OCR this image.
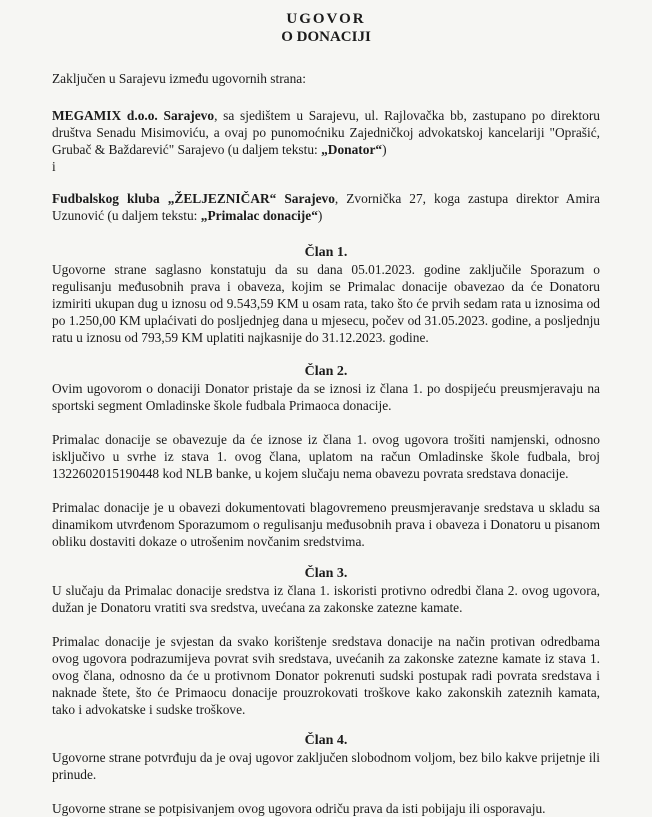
UGOVOR
O DONACIJI

Zaključen u Sarajevu između ugovornih strana:

MEGAMIX d.o.o. Sarajevo, sa sjedištem u Sarajevu, ul. Rajlovačka bb, zastupano po direktoru društva Senadu Misimoviću, a ovaj po punomoćniku Zajedničkoj advokatskoj kancelariji "Oprašić, Grubač & Baždarević" Sarajevo (u daljem tekstu: „Donator“)

i

Fudbalskog kluba „ŽELJEZNIČAR“ Sarajevo, Zvornička 27, koga zastupa direktor Amira Uzunović (u daljem tekstu: „Primalac donacije“)

Član 1.

Ugovorne strane saglasno konstatuju da su dana 05.01.2023. godine zaključile Sporazum o regulisanju međusobnih prava i obaveza, kojim se Primalac donacije obavezao da će Donatoru izmiriti ukupan dug u iznosu od 9.543,59 KM u osam rata, tako što će prvih sedam rata u iznosima od po 1.250,00 KM uplaćivati do posljednjeg dana u mjesecu, počev od 31.05.2023. godine, a posljednju ratu u iznosu od 793,59 KM uplatiti najkasnije do 31.12.2023. godine.

Član 2.

Ovim ugovorom o donaciji Donator pristaje da se iznosi iz člana 1. po dospijeću preusmjeravaju na sportski segment Omladinske škole fudbala Primaoca donacije.

Primalac donacije se obavezuje da će iznose iz člana 1. ovog ugovora trošiti namjenski, odnosno isključivo u svrhe iz stava 1. ovog člana, uplatom na račun Omladinske škole fudbala, broj 1322602015190448 kod NLB banke, u kojem slučaju nema obavezu povrata sredstava donacije.

Primalac donacije je u obavezi dokumentovati blagovremeno preusmjeravanje sredstava u skladu sa dinamikom utvrđenom Sporazumom o regulisanju međusobnih prava i obaveza i Donatoru u pisanom obliku dostaviti dokaze o utrošenim novčanim sredstvima.

Član 3.

U slučaju da Primalac donacije sredstva iz člana 1. iskoristi protivno odredbi člana 2. ovog ugovora, dužan je Donatoru vratiti sva sredstva, uvećana za zakonske zatezne kamate.

Primalac donacije je svjestan da svako korištenje sredstava donacije na način protivan odredbama ovog ugovora podrazumijeva povrat svih sredstava, uvećanih za zakonske zatezne kamate iz stava 1. ovog člana, odnosno da će u protivnom Donator pokrenuti sudski postupak radi povrata sredstava i naknade štete, što će Primaocu donacije prouzrokovati troškove kako zakonskih zateznih kamata, tako i advokatske i sudske troškove.

Član 4.

Ugovorne strane potvrđuju da je ovaj ugovor zaključen slobodnom voljom, bez bilo kakve prijetnje ili prinude.

Ugovorne strane se potpisivanjem ovog ugovora odriču prava da isti pobijaju ili osporavaju.
